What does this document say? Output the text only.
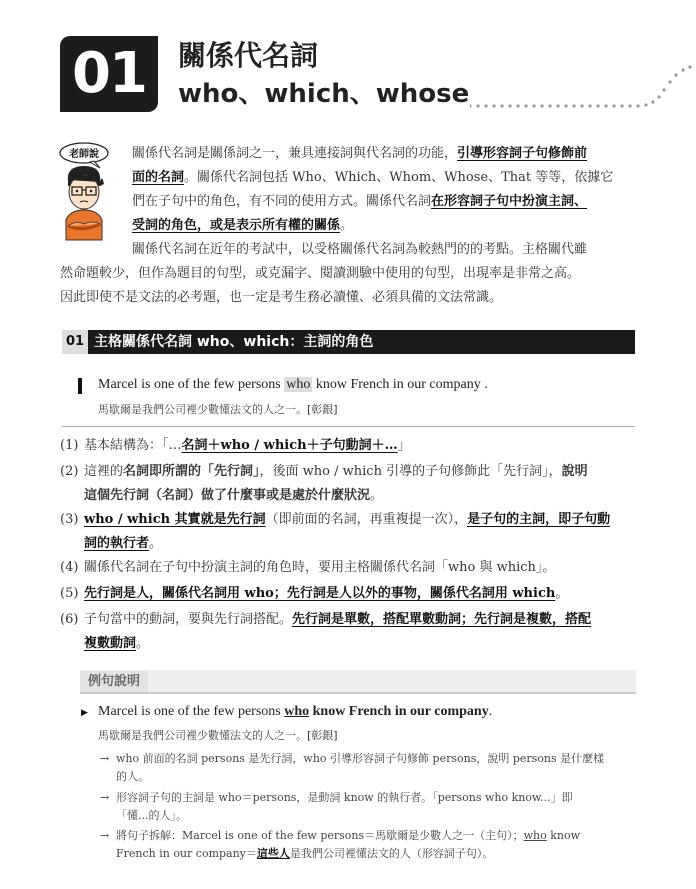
01	關係代名詞
who、which、whose
老師說	關係代名詞是關係詞之一，兼具連接詞與代名詞的功能，引導形容詞子句修飾前
面的名詞。關係代名詞包括 Who、Which、Whom、Whose、That 等等，依據它
們在子句中的角色，有不同的使用方式。關係代名詞在形容詞子句中扮演主詞、
受詞的角色，或是表示所有權的關係。
關係代名詞在近年的考試中，以受格關係代名詞為較熱門的的考點。主格關代雖
然命題較少，但作為題目的句型，或克漏字、閱讀測驗中使用的句型，出現率是非常之高。
因此即使不是文法的必考題，也一定是考生務必讀懂、必須具備的文法常識。
01 主格關係代名詞 who、which：主詞的角色
Marcel is one of the few persons who know French in our company .
馬歇爾是我們公司裡少數懂法文的人之一。[彰銀]
(1) 基本結構為：「…名詞＋who / which＋子句動詞＋…」
(2) 這裡的名詞即所謂的「先行詞」，後面 who / which 引導的子句修飾此「先行詞」，說明
這個先行詞（名詞）做了什麼事或是處於什麼狀況。
(3) who / which 其實就是先行詞（即前面的名詞，再重複提一次），是子句的主詞，即子句動
詞的執行者。
(4) 關係代名詞在子句中扮演主詞的角色時，要用主格關係代名詞「who 與 which」。
(5) 先行詞是人，關係代名詞用 who；先行詞是人以外的事物，關係代名詞用 which。
(6) 子句當中的動詞，要與先行詞搭配。先行詞是單數，搭配單數動詞；先行詞是複數，搭配
複數動詞。
例句說明
▶ Marcel is one of the few persons who know French in our company.
馬歇爾是我們公司裡少數懂法文的人之一。[彰銀]
→ who 前面的名詞 persons 是先行詞，who 引導形容詞子句修飾 persons，說明 persons 是什麼樣
的人。
→ 形容詞子句的主詞是 who＝persons，是動詞 know 的執行者。「persons who know...」即
「懂...的人」。
→ 將句子拆解：Marcel is one of the few persons＝馬歇爾是少數人之一（主句）；who know
French in our company＝這些人是我們公司裡懂法文的人（形容詞子句）。
